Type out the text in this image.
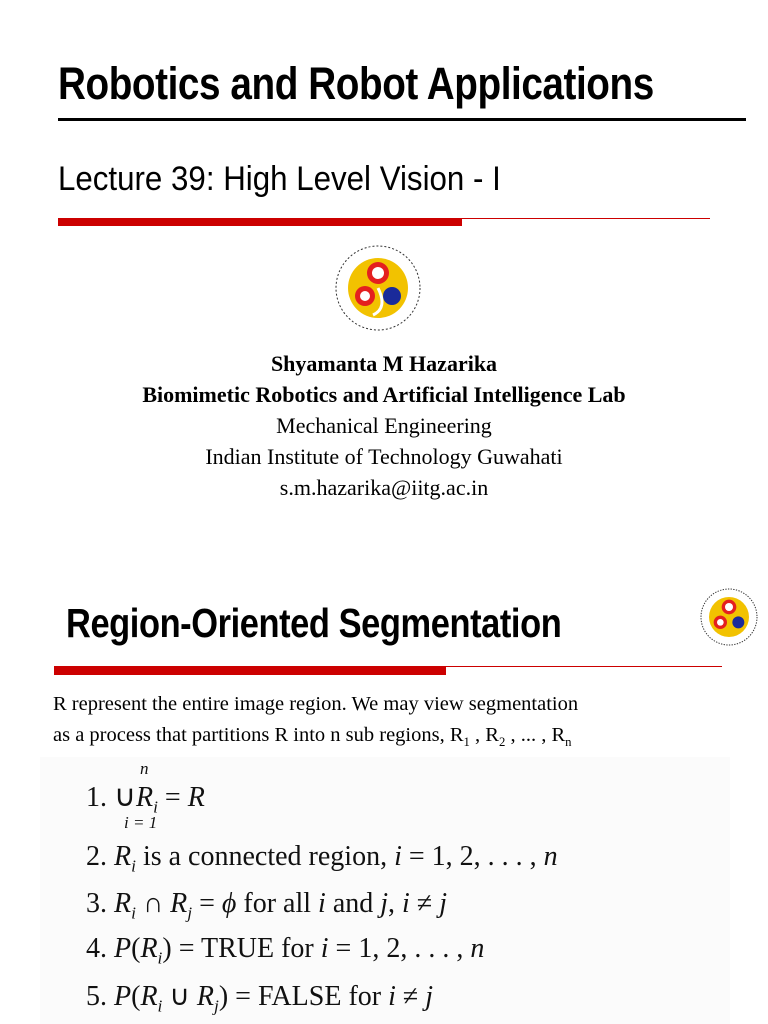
Robotics and Robot Applications
Lecture 39: High Level Vision - I
Shyamanta M Hazarika
Biomimetic Robotics and Artificial Intelligence Lab
Mechanical Engineering
Indian Institute of Technology Guwahati
s.m.hazarika@iitg.ac.in
Region-Oriented Segmentation
R represent the entire image region. We may view segmentation
as a process that partitions R into n sub regions, $R_1$ , $R_2$ , ... , $R_n$
n
1. $\cup R_i = R$
i = 1
2. $R_i$ is a connected region, i = 1, 2, . . . , n
3. $R_i$ ∩ $R_j = \phi$ for all i and j, i ≠ j
4. $P(R_i)$ = TRUE for i = 1, 2, . . . , n
5. $P(R_i$ ∪ $R_j$) = FALSE for i ≠ j
